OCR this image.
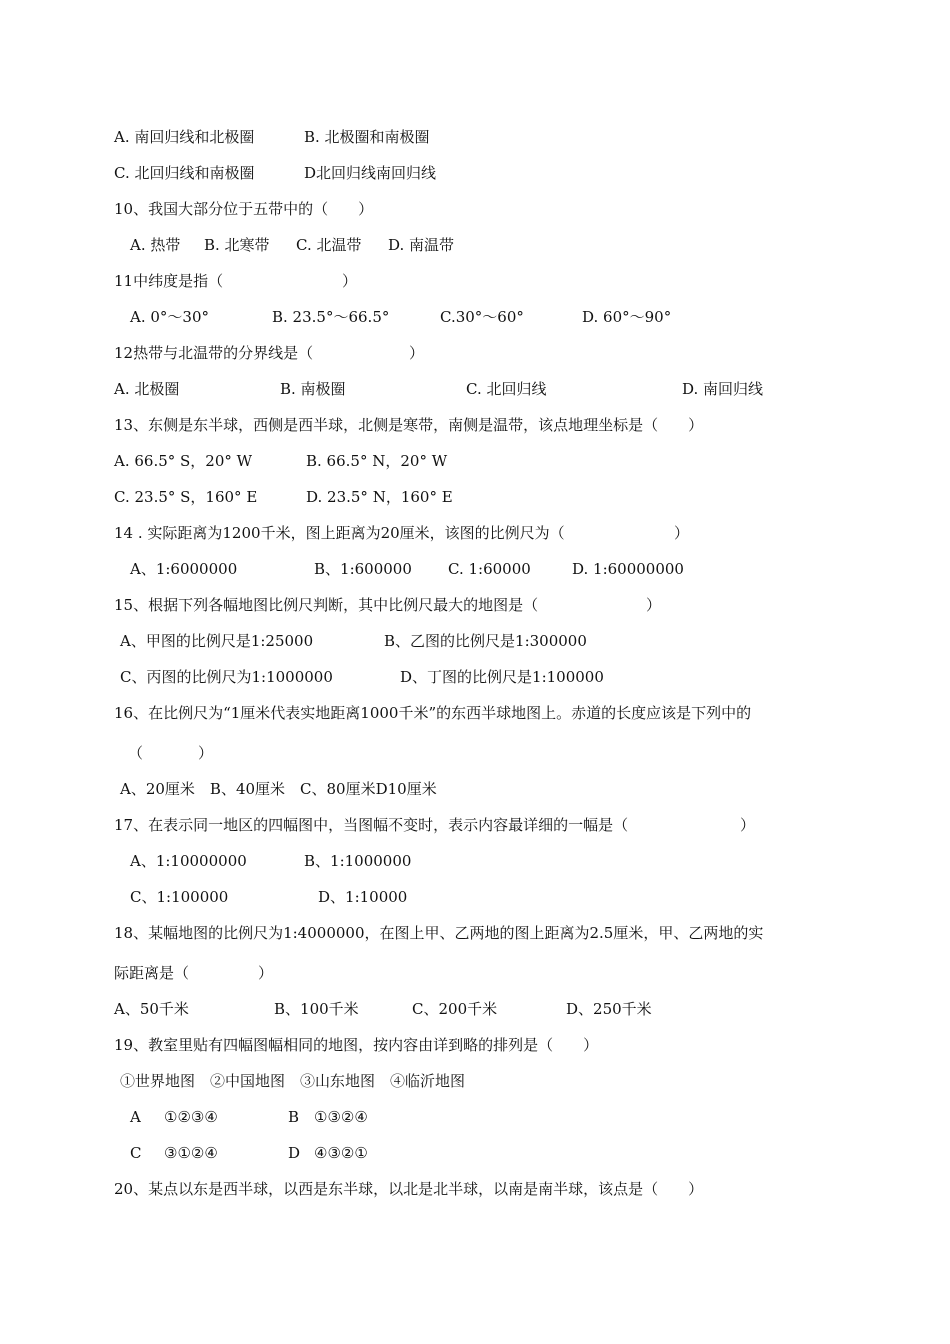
A. 南回归线和北极圈	B. 北极圈和南极圈
C. 北回归线和南极圈	D北回归线南回归线
10、我国大部分位于五带中的（　　）
A. 热带 B. 北寒带 C. 北温带 D. 南温带
11中纬度是指（	）
A. 0°～30°	B. 23.5°～66.5°	C.30°～60°	D. 60°～90°
12热带与北温带的分界线是（	）
A. 北极圈	B. 南极圈	C. 北回归线	D. 南回归线
13、东侧是东半球，西侧是西半球，北侧是寒带，南侧是温带，该点地理坐标是（　　）
A. 66.5° S，20° W	B. 66.5° N，20° W
C. 23.5° S，160° E	D. 23.5° N，160° E
14 . 实际距离为1200千米，图上距离为20厘米，该图的比例尺为（	）
A、1:6000000	B、1:600000 C. 1:60000	D. 1:60000000
15、根据下列各幅地图比例尺判断，其中比例尺最大的地图是（	）
A、甲图的比例尺是1:25000	B、乙图的比例尺是1:300000
C、丙图的比例尺为1:1000000	D、丁图的比例尺是1:100000
16、在比例尺为“1厘米代表实地距离1000千米”的东西半球地图上。赤道的长度应该是下列中的
（	）
A、20厘米　B、40厘米　C、80厘米D10厘米
17、在表示同一地区的四幅图中，当图幅不变时，表示内容最详细的一幅是（	）
A、1:10000000	B、1:1000000
C、1:100000	D、1:10000
18、某幅地图的比例尺为1:4000000，在图上甲、乙两地的图上距离为2.5厘米，甲、乙两地的实
际距离是（	）
A、50千米	B、100千米	C、200千米	D、250千米
19、教室里贴有四幅图幅相同的地图，按内容由详到略的排列是（　　）
①世界地图　②中国地图　③山东地图　④临沂地图
A ①②③④	B ①③②④
C ③①②④	D ④③②①
20、某点以东是西半球，以西是东半球，以北是北半球，以南是南半球，该点是（　　）
